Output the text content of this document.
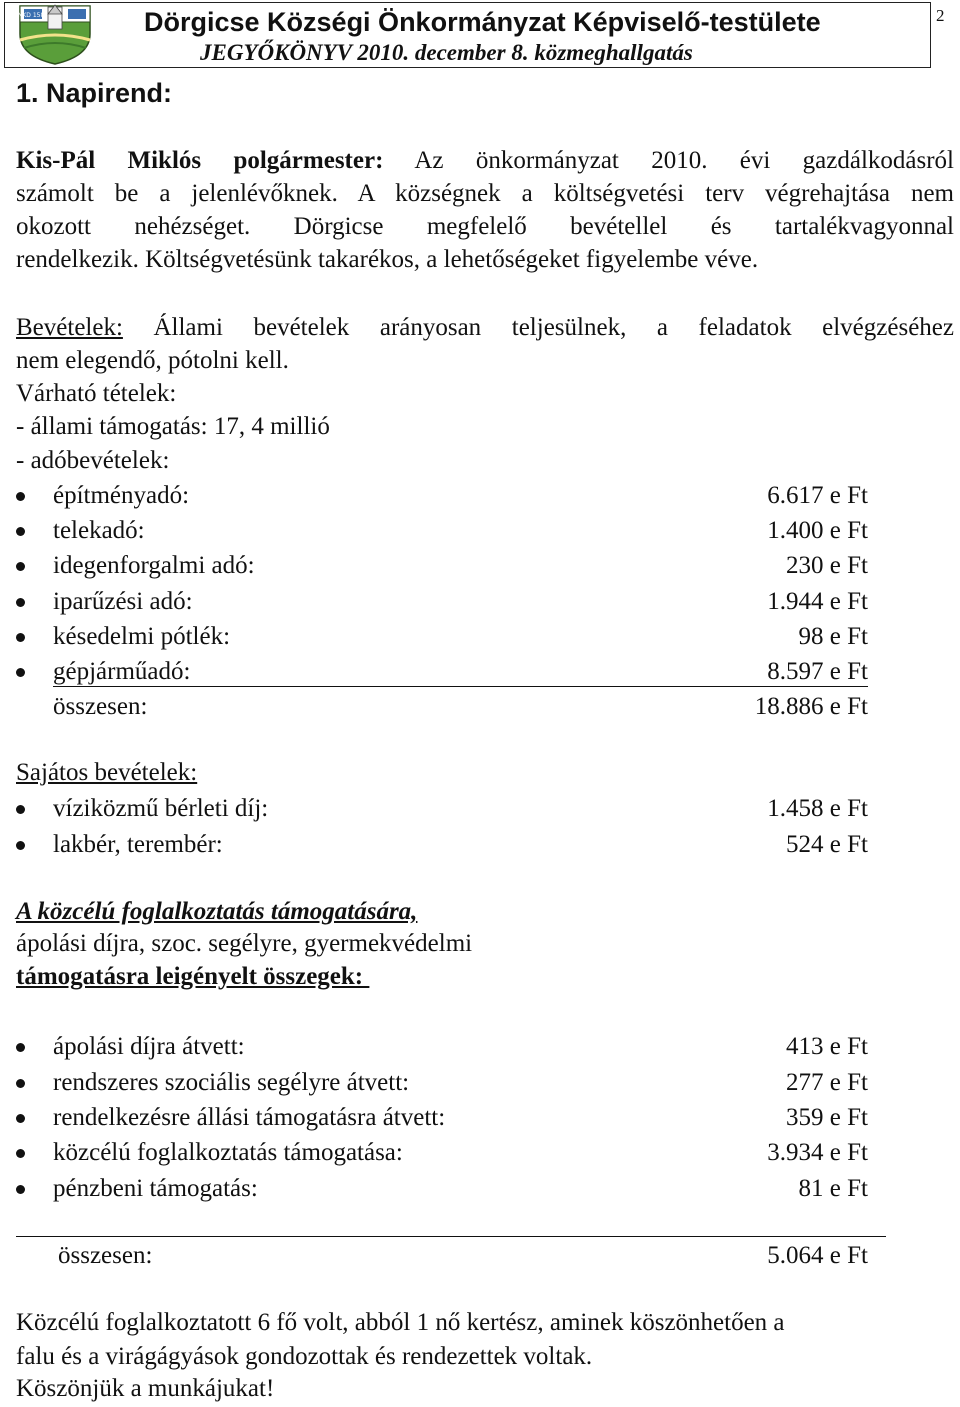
NKD 1582	Dörgicse Községi Önkormányzat Képviselő-testülete
JEGYŐKÖNYV 2010. december 8. közmeghallgatás
2
1. Napirend:
Kis-Pál Miklós polgármester: Az önkormányzat 2010. évi gazdálkodásról
számolt be a jelenlévőknek. A községnek a költségvetési terv végrehajtása nem
okozott nehézséget. Dörgicse megfelelő bevétellel és tartalékvagyonnal
rendelkezik. Költségvetésünk takarékos, a lehetőségeket figyelembe véve.
Bevételek: Állami bevételek arányosan teljesülnek, a feladatok elvégzéséhez
nem elegendő, pótolni kell.
Várható tételek:
- állami támogatás: 17, 4 millió
- adóbevételek:
építményadó:	6.617 e Ft
telekadó:	1.400 e Ft
idegenforgalmi adó:	230 e Ft
iparűzési adó:	1.944 e Ft
késedelmi pótlék:	98 e Ft
gépjárműadó:	8.597 e Ft
összesen:	18.886 e Ft
Sajátos bevételek:
víziközmű bérleti díj:	1.458 e Ft
lakbér, terembér:	524 e Ft
A közcélú foglalkoztatás támogatására,
ápolási díjra, szoc. segélyre, gyermekvédelmi
támogatásra leigényelt összegek:
ápolási díjra átvett:	413 e Ft
rendszeres szociális segélyre átvett:	277 e Ft
rendelkezésre állási támogatásra átvett:	359 e Ft
közcélú foglalkoztatás támogatása:	3.934 e Ft
pénzbeni támogatás:	81 e Ft
összesen:	5.064 e Ft
Közcélú foglalkoztatott 6 fő volt, abból 1 nő kertész, aminek köszönhetően a
falu és a virágágyások gondozottak és rendezettek voltak.
Köszönjük a munkájukat!
